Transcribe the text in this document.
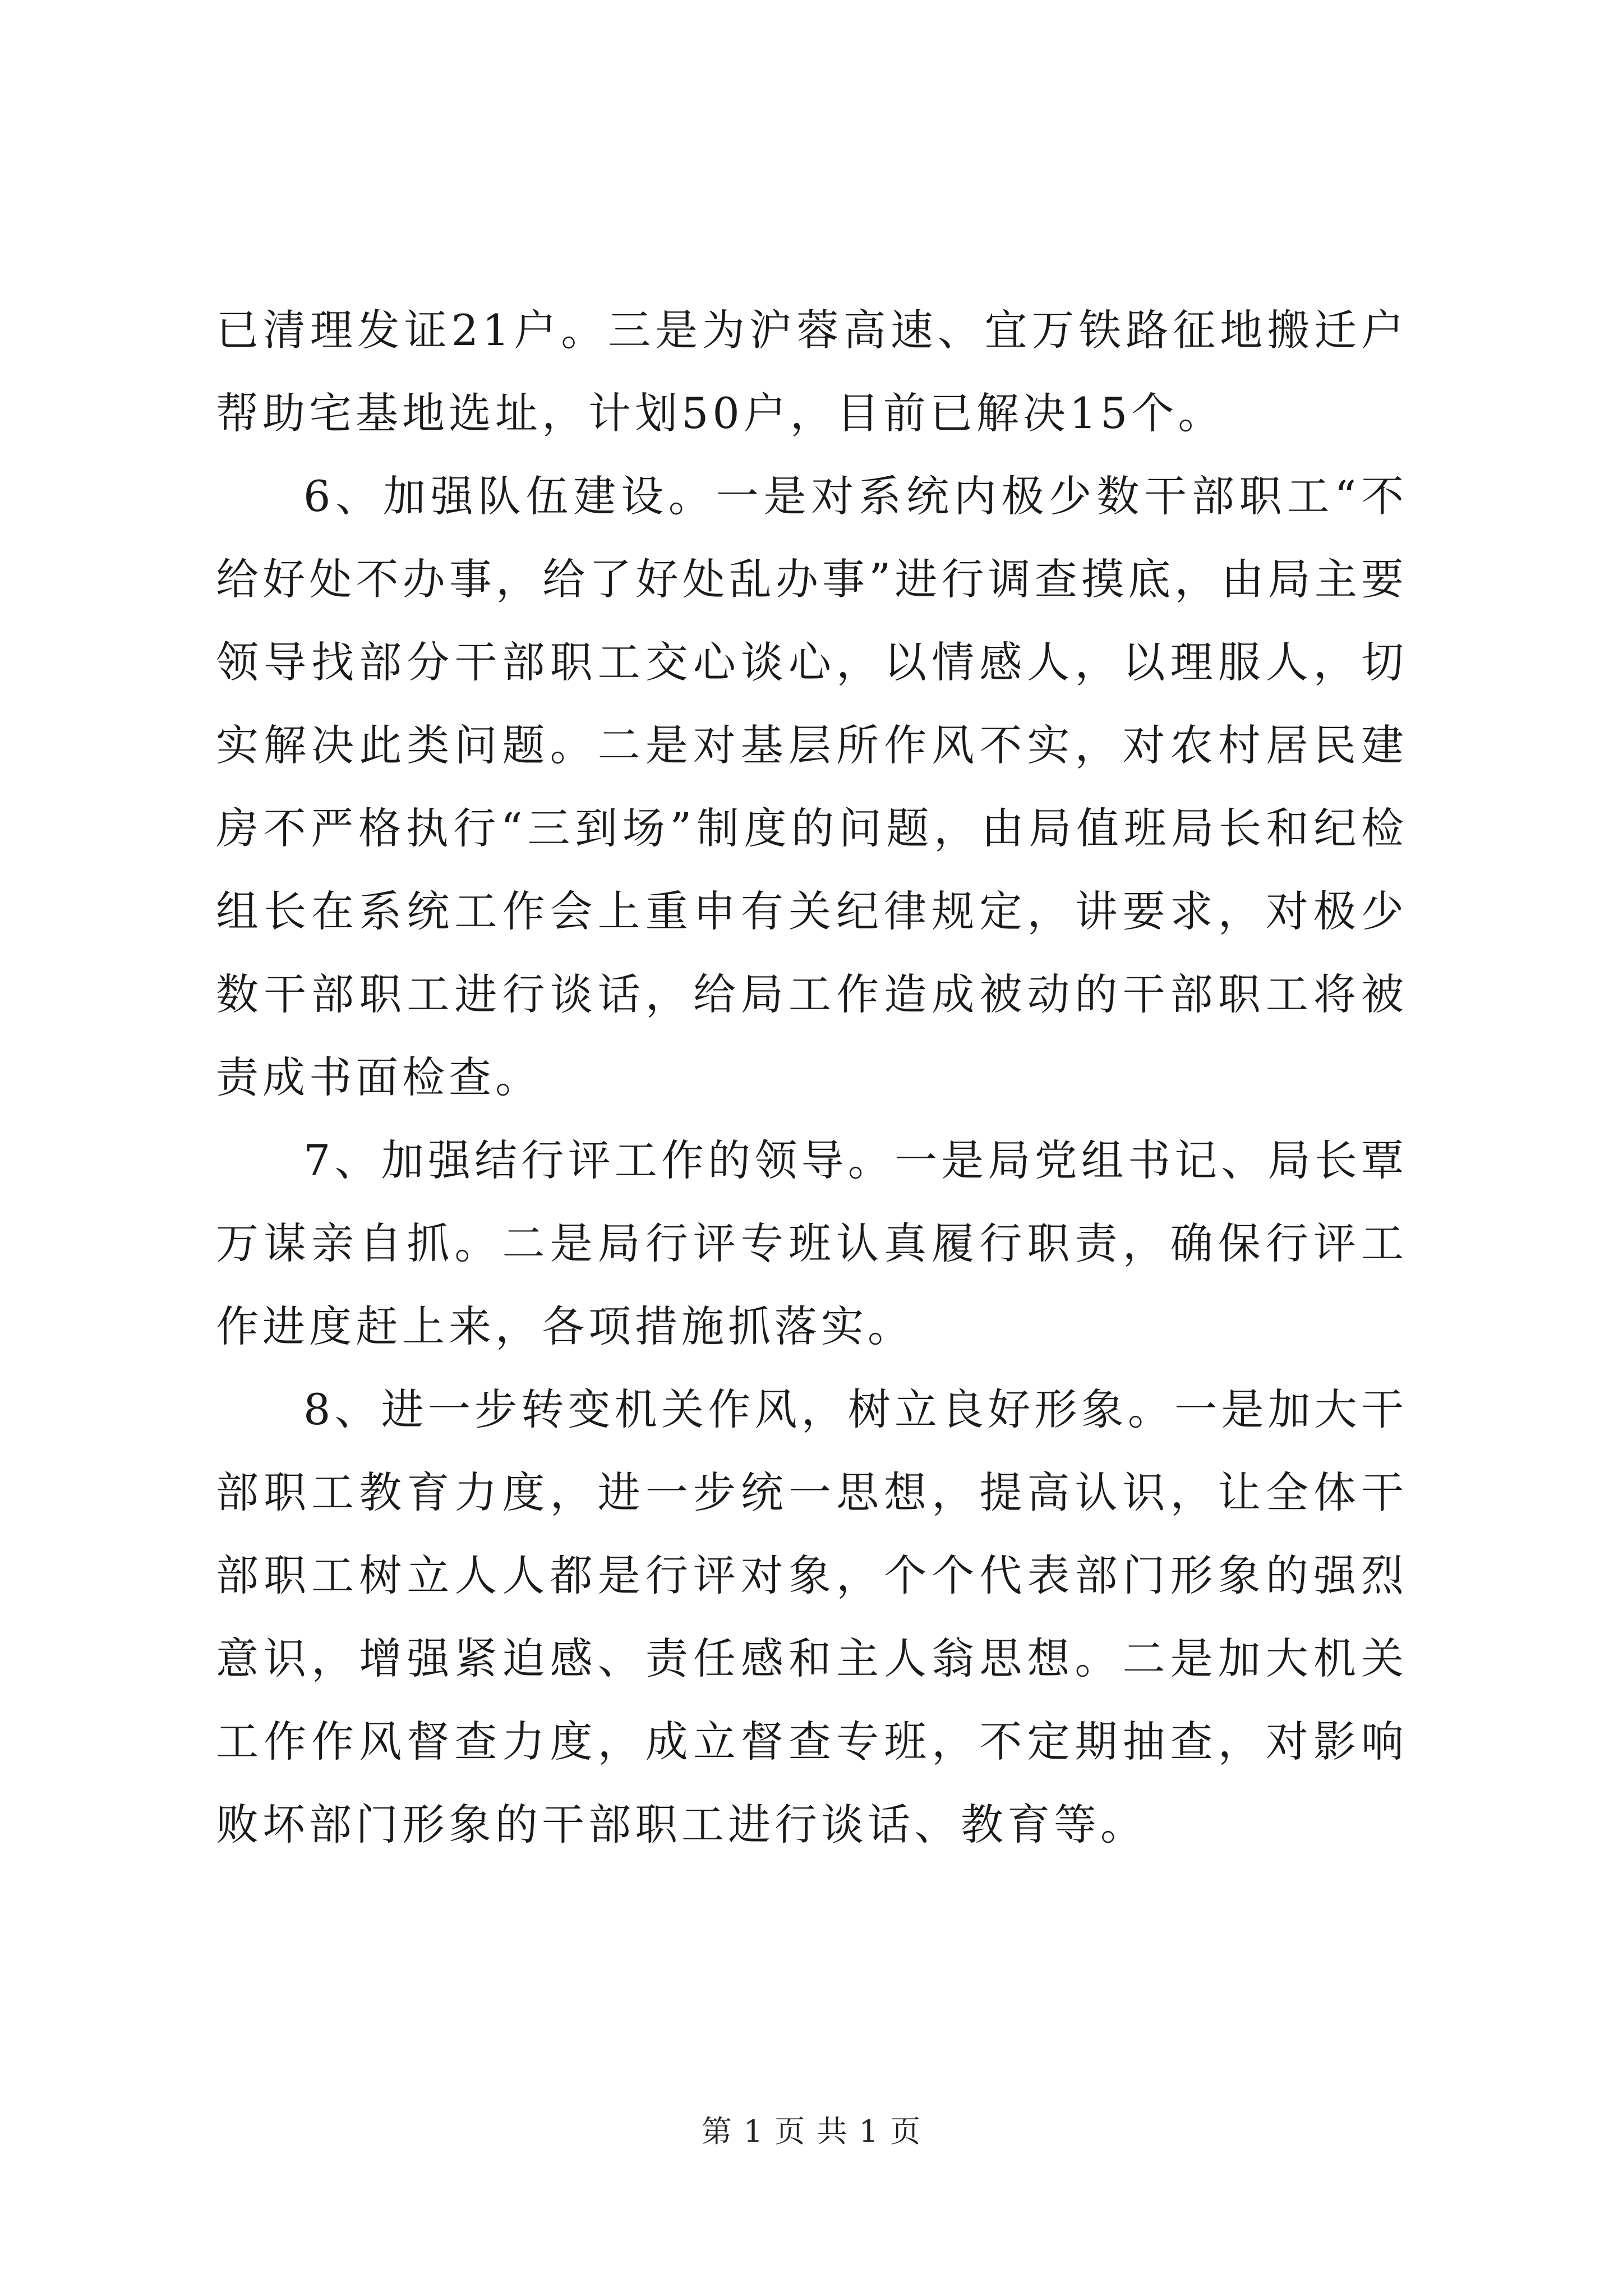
已清理发证21户。三是为沪蓉高速、宜万铁路征地搬迁户帮助宅基地选址，计划50户，目前已解决15个。

6、加强队伍建设。一是对系统内极少数干部职工“不给好处不办事，给了好处乱办事”进行调查摸底，由局主要领导找部分干部职工交心谈心，以情感人，以理服人，切实解决此类问题。二是对基层所作风不实，对农村居民建房不严格执行“三到场”制度的问题，由局值班局长和纪检组长在系统工作会上重申有关纪律规定，讲要求，对极少数干部职工进行谈话，给局工作造成被动的干部职工将被责成书面检查。

7、加强结行评工作的领导。一是局党组书记、局长覃万谋亲自抓。二是局行评专班认真履行职责，确保行评工作进度赶上来，各项措施抓落实。

8、进一步转变机关作风，树立良好形象。一是加大干部职工教育力度，进一步统一思想，提高认识，让全体干部职工树立人人都是行评对象，个个代表部门形象的强烈意识，增强紧迫感、责任感和主人翁思想。二是加大机关工作作风督查力度，成立督查专班，不定期抽查，对影响败坏部门形象的干部职工进行谈话、教育等。

第 1 页 共 1 页
